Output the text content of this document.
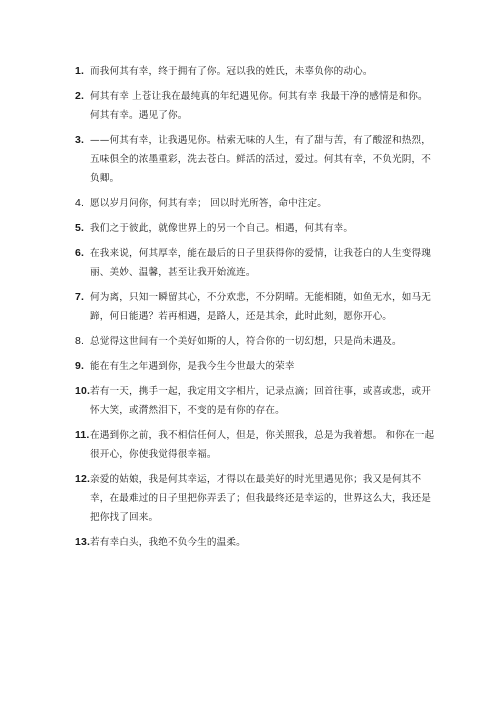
1. 而我何其有幸，终于拥有了你。冠以我的姓氏，未辜负你的动心。
2. 何其有幸 上苍让我在最纯真的年纪遇见你。何其有幸 我最干净的感情是和你。何其有幸。遇见了你。
3. ——何其有幸，让我遇见你。枯索无味的人生，有了甜与苦，有了酸涩和热烈，五味俱全的浓墨重彩，洗去苍白。鲜活的活过，爱过。何其有幸，不负光阴，不负卿。
4. 愿以岁月问你，何其有幸； 回以时光所答，命中注定。
5. 我们之于彼此，就像世界上的另一个自己。相遇，何其有幸。
6. 在我来说，何其厚幸，能在最后的日子里获得你的爱情，让我苍白的人生变得瑰丽、美妙、温馨，甚至让我开始流连。
7. 何为离，只知一瞬留其心，不分欢悲，不分阴晴。无能相随，如鱼无水，如马无蹄，何日能遇？若再相遇，是路人，还是其余，此时此刻，愿你开心。
8. 总觉得这世间有一个美好如斯的人，符合你的一切幻想，只是尚未遇及。
9. 能在有生之年遇到你，是我今生今世最大的荣幸
10. 若有一天，携手一起，我定用文字相片，记录点滴；回首往事，或喜或悲，或开怀大笑，或潸然泪下，不变的是有你的存在。
11. 在遇到你之前，我不相信任何人，但是，你关照我，总是为我着想。 和你在一起很开心，你使我觉得很幸福。
12. 亲爱的姑娘，我是何其幸运，才得以在最美好的时光里遇见你；我又是何其不幸，在最难过的日子里把你弄丢了；但我最终还是幸运的，世界这么大，我还是把你找了回来。
13. 若有幸白头，我绝不负今生的温柔。
